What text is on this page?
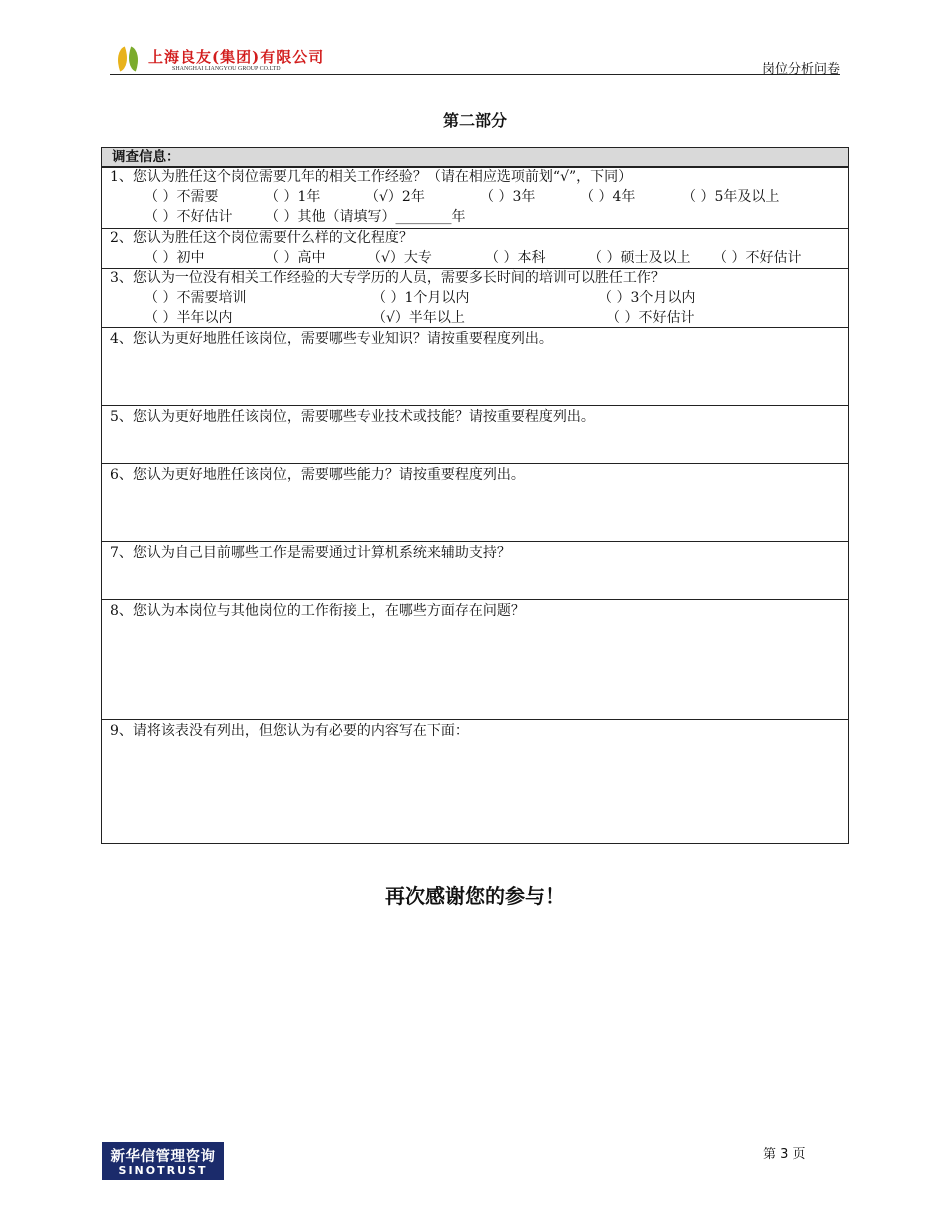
上海良友(集团)有限公司
SHANGHAI LIANGYOU GROUP CO.LTD	岗位分析问卷
第二部分
调查信息：
1、您认为胜任这个岗位需要几年的相关工作经验？（请在相应选项前划“√”，下同）
（ ）不需要	（ ）1年	（√）2年	（ ）3年	（ ）4年	（ ）5年及以上
（ ）不好估计 （ ）其他（请填写）________年
2、您认为胜任这个岗位需要什么样的文化程度？
（ ）初中	（ ）高中	（√）大专	（ ）本科	（ ）硕士及以上 （ ）不好估计
3、您认为一位没有相关工作经验的大专学历的人员，需要多长时间的培训可以胜任工作？
（ ）不需要培训	（ ）1个月以内	（ ）3个月以内
（ ）半年以内	（√）半年以上	（ ）不好估计
4、您认为更好地胜任该岗位，需要哪些专业知识？请按重要程度列出。
5、您认为更好地胜任该岗位，需要哪些专业技术或技能？请按重要程度列出。
6、您认为更好地胜任该岗位，需要哪些能力？请按重要程度列出。
7、您认为自己目前哪些工作是需要通过计算机系统来辅助支持？
8、您认为本岗位与其他岗位的工作衔接上，在哪些方面存在问题？
9、请将该表没有列出，但您认为有必要的内容写在下面：
再次感谢您的参与！
新华信管理咨询
SINOTRUST
第 3 页
